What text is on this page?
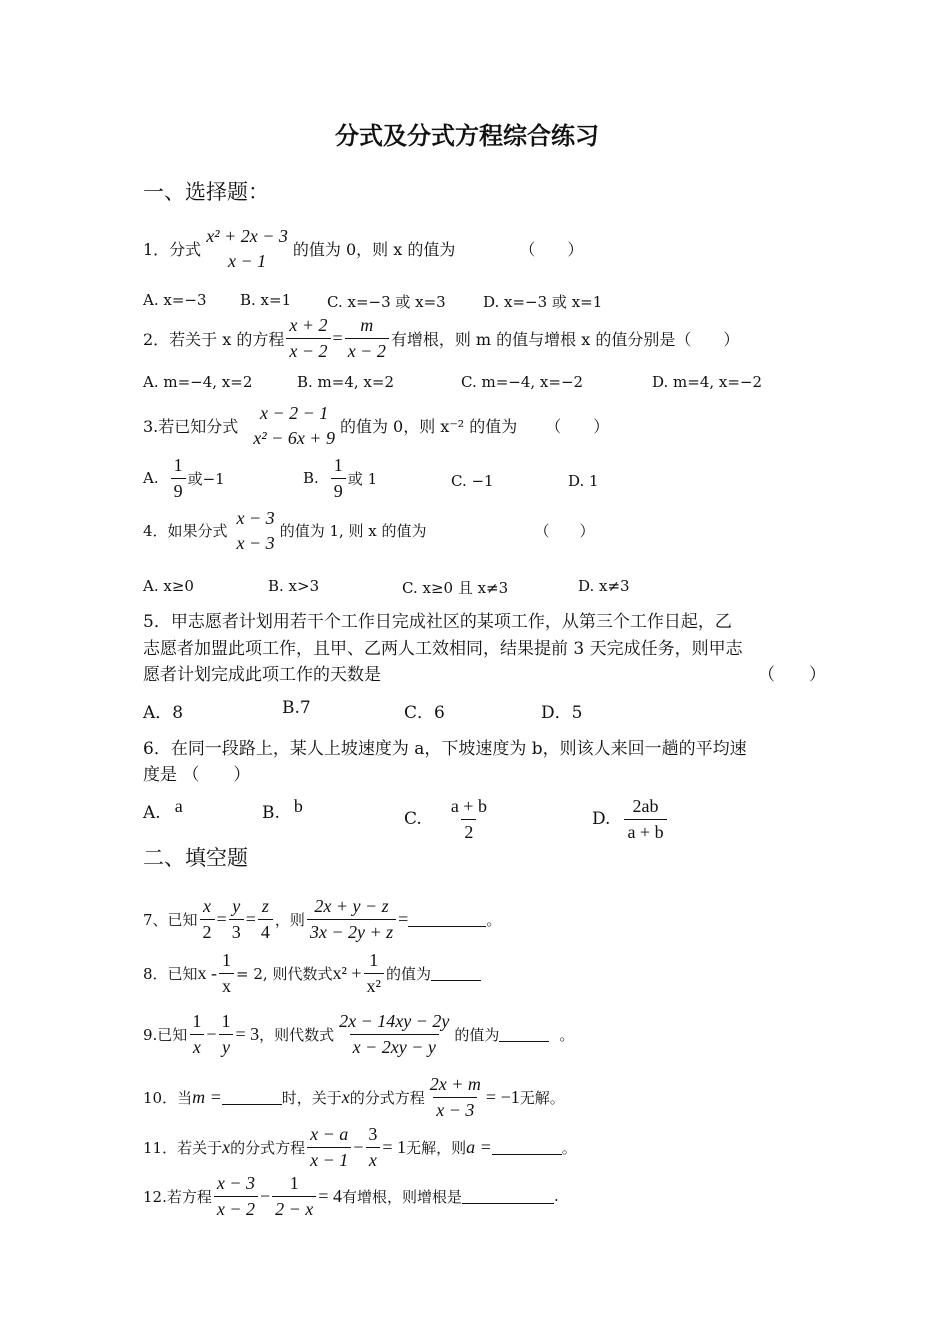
分式及分式方程综合练习
一、选择题：
1．分式
x² + 2x − 3
x − 1
的值为 0，则 x 的值为	（　　）
A. x=−3 B. x=1 C. x=−3 或 x=3 D. x=−3 或 x=1
2．若关于 x 的方程 $\frac{x + 2}{x - 2} = \frac{m}{x - 2}$ 有增根，则 m 的值与增根 x 的值分别是（　　）
A. m=−4, x=2	B. m=4, x=2	C. m=−4, x=−2	D. m=4, x=−2
3.若已知分式
x − 2 − 1
x² − 6x + 9
的值为 0，则 x⁻² 的值为 （　　）
A. $\frac{1}{9}$ 或−1	B. $\frac{1}{9}$ 或 1	C. −1	D. 1
4．如果分式
x − 3
x − 3
的值为 1, 则 x 的值为	（　　）
A. x≥0	B. x>3	C. x≥0 且 x≠3	D. x≠3
5．甲志愿者计划用若干个工作日完成社区的某项工作，从第三个工作日起，乙
志愿者加盟此项工作，且甲、乙两人工效相同，结果提前 3 天完成任务，则甲志
愿者计划完成此项工作的天数是	（　　）
A．8	B.7	C．6	D．5
6．在同一段路上，某人上坡速度为 a，下坡速度为 b，则该人来回一趟的平均速
度是 （　　）
A. a	B. b
C. $\frac{a + b}{2}$	D. $\frac{2ab}{a + b}$
二、填空题
7、已知 $\frac{x}{2} = \frac{y}{3} = \frac{z}{4}$ ，则 $\frac{2x + y - z}{3x - 2y + z}$ =	。
8．已知 $x - \frac{1}{x} = 2$, 则代数式 $x^2 + \frac{1}{\text{x²}}$ 的值为
9.已知 $\frac{1}{x} - \frac{1}{y} = 3$ ，则代数式 $\frac{2x - 14xy - 2y}{x - 2xy - y}$ 的值为	。
10．当 m =	时，关于 x 的分式方程 $\frac{2x + m}{x - 3} = -1$ 无解。
11．若关于 x 的分式方程 $\frac{x - a}{x - 1} - \frac{3}{x} = 1$ 无解，则 a =	。
12.若方程 $\frac{x - 3}{x - 2} - \frac{1}{2 - x} = 4$ 有增根，则增根是	.
